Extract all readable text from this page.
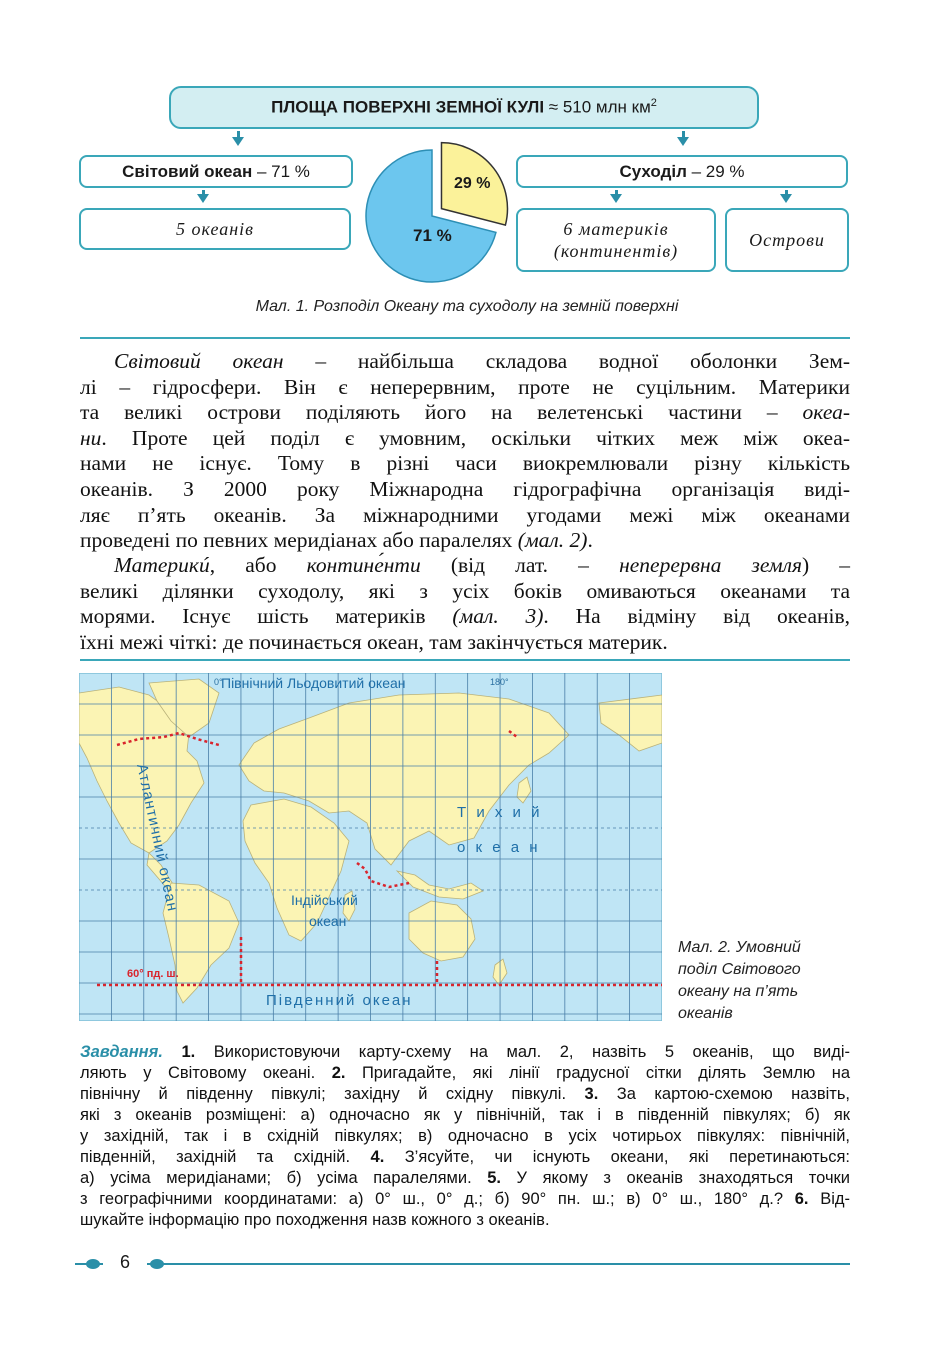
ПЛОЩА ПОВЕРХНІ ЗЕМНОЇ КУЛІ ≈ 510 млн $км^2$
Світовий океан – 71 %
5 океанів
Суходіл – 29 %
6 материків
(континентів)
Острови
71 %
29 %
Мал. 1. Розподіл Океану та суходолу на земній поверхні
Світовий океан – найбільша складова водної оболонки Зем-
лі – гідросфери. Він є неперервним, проте не суцільним. Материки
та великі острови поділяють його на велетенські частини – океа-
ни. Проте цей поділ є умовним, оскільки чітких меж між океа-
нами не існує. Тому в різні часи виокремлювали різну кількість
океанів. З 2000 року Міжнародна гідрографічна організація виді-
ляє п’ять океанів. За міжнародними угодами межі між океанами
проведені по певних меридіанах або паралелях (мал. 2).
Материкú, або контине́нти (від лат. – неперервна земля) –
великі ділянки суходолу, які з усіх боків омиваються океанами та
морями. Існує шість материків (мал. 3). На відміну від океанів,
їхні межі чіткі: де починається океан, там закінчується материк.
0°	180°
Північний Льодовитий океан
Атлантичний океан	Т и х и й
о к е а н
Індійський
океан
Південний океан
60° пд. ш.
Мал. 2. Умовний
поділ Світового
океану на п’ять
океанів
Завдання. 1. Використовуючи карту-схему на мал. 2, назвіть 5 океанів, що виді-
ляють у Світовому океані. 2. Пригадайте, які лінії градусної сітки ділять Землю на
північну й південну півкулі; західну й східну півкулі. 3. За картою-схемою назвіть,
які з океанів розміщені: а) одночасно як у північній, так і в південній півкулях; б) як
у західній, так і в східній півкулях; в) одночасно в усіх чотирьох півкулях: північній,
південній, західній та східній. 4. З’ясуйте, чи існують океани, які перетинаються:
а) усіма меридіанами; б) усіма паралелями. 5. У якому з океанів знаходяться точки
з географічними координатами: а) 0° ш., 0° д.; б) 90° пн. ш.; в) 0° ш., 180° д.? 6. Від-
шукайте інформацію про походження назв кожного з океанів.
6
